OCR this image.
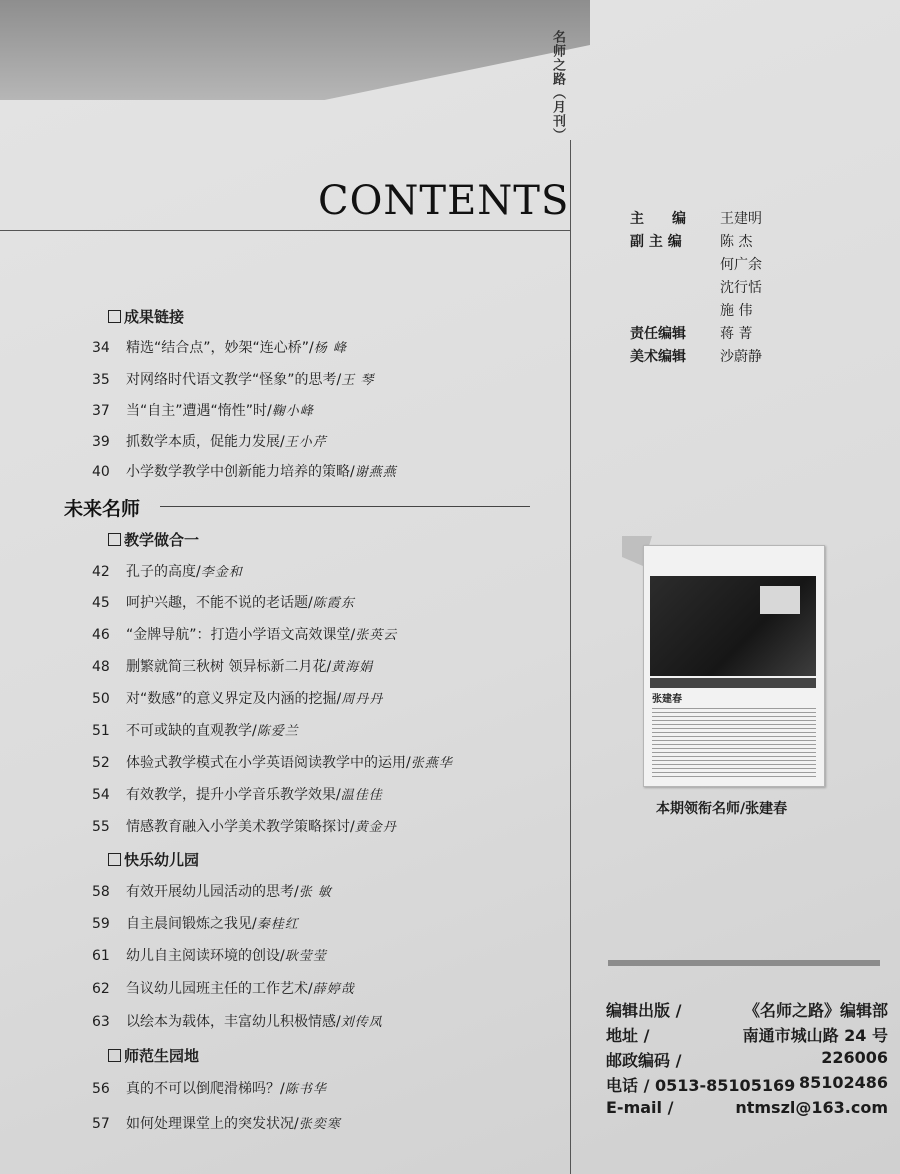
名师之路（月刊）
CONTENTS
成果链接
34 精选“结合点”，妙架“连心桥”/杨 峰
35 对网络时代语文教学“怪象”的思考/王 琴
37 当“自主”遭遇“惰性”时/鞠小峰
39 抓数学本质，促能力发展/王小芹
40 小学数学教学中创新能力培养的策略/谢燕燕
未来名师
教学做合一
42 孔子的高度/李金和
45 呵护兴趣，不能不说的老话题/陈霞东
46 “金牌导航”：打造小学语文高效课堂/张英云
48 删繁就简三秋树 领异标新二月花/黄海娟
50 对“数感”的意义界定及内涵的挖掘/周丹丹
51 不可或缺的直观教学/陈爱兰
52 体验式教学模式在小学英语阅读教学中的运用/张燕华
54 有效教学，提升小学音乐教学效果/温佳佳
55 情感教育融入小学美术教学策略探讨/黄金丹
快乐幼儿园
58 有效开展幼儿园活动的思考/张 敏
59 自主晨间锻炼之我见/秦桂红
61 幼儿自主阅读环境的创设/耿莹莹
62 刍议幼儿园班主任的工作艺术/薛婷哉
63 以绘本为载体，丰富幼儿积极情感/刘传凤
师范生园地
56 真的不可以倒爬滑梯吗？/陈书华
57 如何处理课堂上的突发状况/张奕寒
主　　编	王建明
副 主 编	陈 杰
何广余
沈行恬
施 伟
责任编辑	蒋 菁
美术编辑	沙蔚静
张建春
本期领衔名师/张建春
编辑出版 /	《名师之路》编辑部
地址 /	南通市城山路 24 号
邮政编码 /	226006
电话 / 0513-85105169 85102486
E-mail /	ntmszl@163.com
